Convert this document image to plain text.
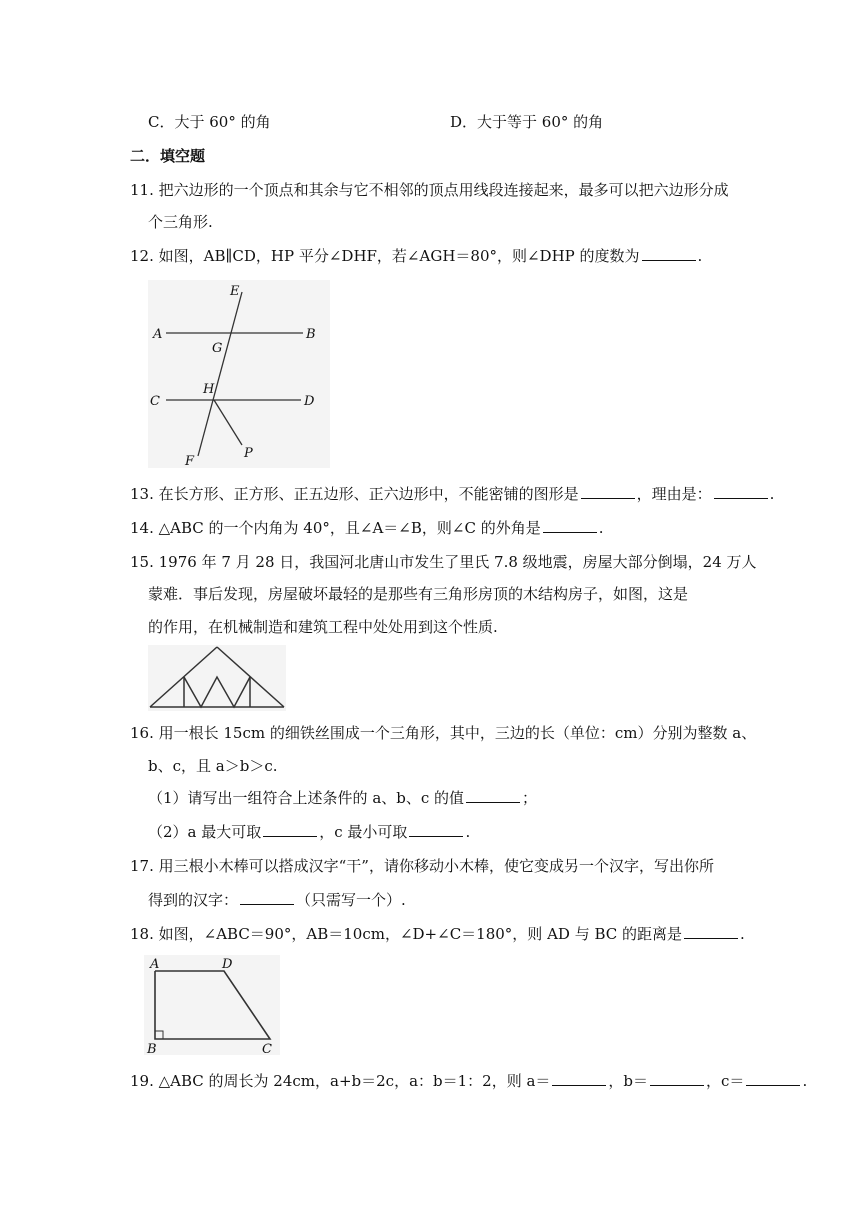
C．大于 60° 的角	D．大于等于 60° 的角
二．填空题
11. 把六边形的一个顶点和其余与它不相邻的顶点用线段连接起来，最多可以把六边形分成
个三角形.
12. 如图，AB∥CD，HP 平分∠DHF，若∠AGH＝80°，则∠DHP 的度数为	.
E
A	B
G
H
C	D
F
P
13. 在长方形、正方形、正五边形、正六边形中，不能密铺的图形是	，理由是：	.
14. △ABC 的一个内角为 40°，且∠A＝∠B，则∠C 的外角是	.
15. 1976 年 7 月 28 日，我国河北唐山市发生了里氏 7.8 级地震，房屋大部分倒塌，24 万人
蒙难．事后发现，房屋破坏最轻的是那些有三角形房顶的木结构房子，如图，这是
的作用，在机械制造和建筑工程中处处用到这个性质.
16. 用一根长 15cm 的细铁丝围成一个三角形，其中，三边的长（单位：cm）分别为整数 a、
b、c，且 a＞b＞c.
（1）请写出一组符合上述条件的 a、b、c 的值	；
（2）a 最大可取	，c 最小可取	.
17. 用三根小木棒可以搭成汉字“干”，请你移动小木棒，使它变成另一个汉字，写出你所
得到的汉字：	（只需写一个）.
18. 如图，∠ABC＝90°，AB＝10cm，∠D+∠C＝180°，则 AD 与 BC 的距离是	.
A	D
B	C
19. △ABC 的周长为 24cm，a+b＝2c，a：b＝1：2，则 a＝	，b＝	，c＝	.
